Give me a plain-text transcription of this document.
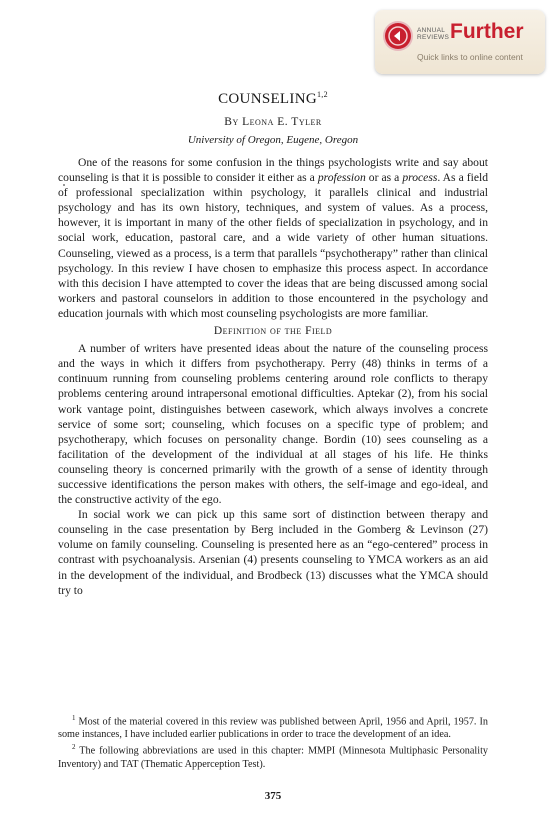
ANNUAL
REVIEWS Further
Quick links to online content
COUNSELING$^{1,2}$
By Leona E. Tyler
University of Oregon, Eugene, Oregon

One of the reasons for some confusion in the things psychologists write and say about counseling is that it is possible to consider it either as a profession or as a process. As a field of professional specialization within psychology, it parallels clinical and industrial psychology and has its own history, techniques, and system of values. As a process, however, it is important in many of the other fields of specialization in psychology, and in social work, education, pastoral care, and a wide variety of other human situations. Counseling, viewed as a process, is a term that parallels “psychotherapy” rather than clinical psychology. In this review I have chosen to emphasize this process aspect. In accordance with this decision I have attempted to cover the ideas that are being discussed among social workers and pastoral counselors in addition to those encountered in the psychology and education journals with which most counseling psychologists are more familiar.

Definition of the Field

A number of writers have presented ideas about the nature of the counseling process and the ways in which it differs from psychotherapy. Perry (48) thinks in terms of a continuum running from counseling problems centering around role conflicts to therapy problems centering around intrapersonal emotional difficulties. Aptekar (2), from his social work vantage point, distinguishes between casework, which always involves a concrete service of some sort; counseling, which focuses on a specific type of problem; and psychotherapy, which focuses on personality change. Bordin (10) sees counseling as a facilitation of the development of the individual at all stages of his life. He thinks counseling theory is concerned primarily with the growth of a sense of identity through successive identifications the person makes with others, the self-image and ego-ideal, and the constructive activity of the ego.

In social work we can pick up this same sort of distinction between therapy and counseling in the case presentation by Berg included in the Gomberg & Levinson (27) volume on family counseling. Counseling is presented here as an “ego-centered” process in contrast with psychoanalysis. Arsenian (4) presents counseling to YMCA workers as an aid in the development of the individual, and Brodbeck (13) discusses what the YMCA should try to

$^1$ Most of the material covered in this review was published between April, 1956 and April, 1957. In some instances, I have included earlier publications in order to trace the development of an idea.

$^2$ The following abbreviations are used in this chapter: MMPI (Minnesota Multiphasic Personality Inventory) and TAT (Thematic Apperception Test).

375
